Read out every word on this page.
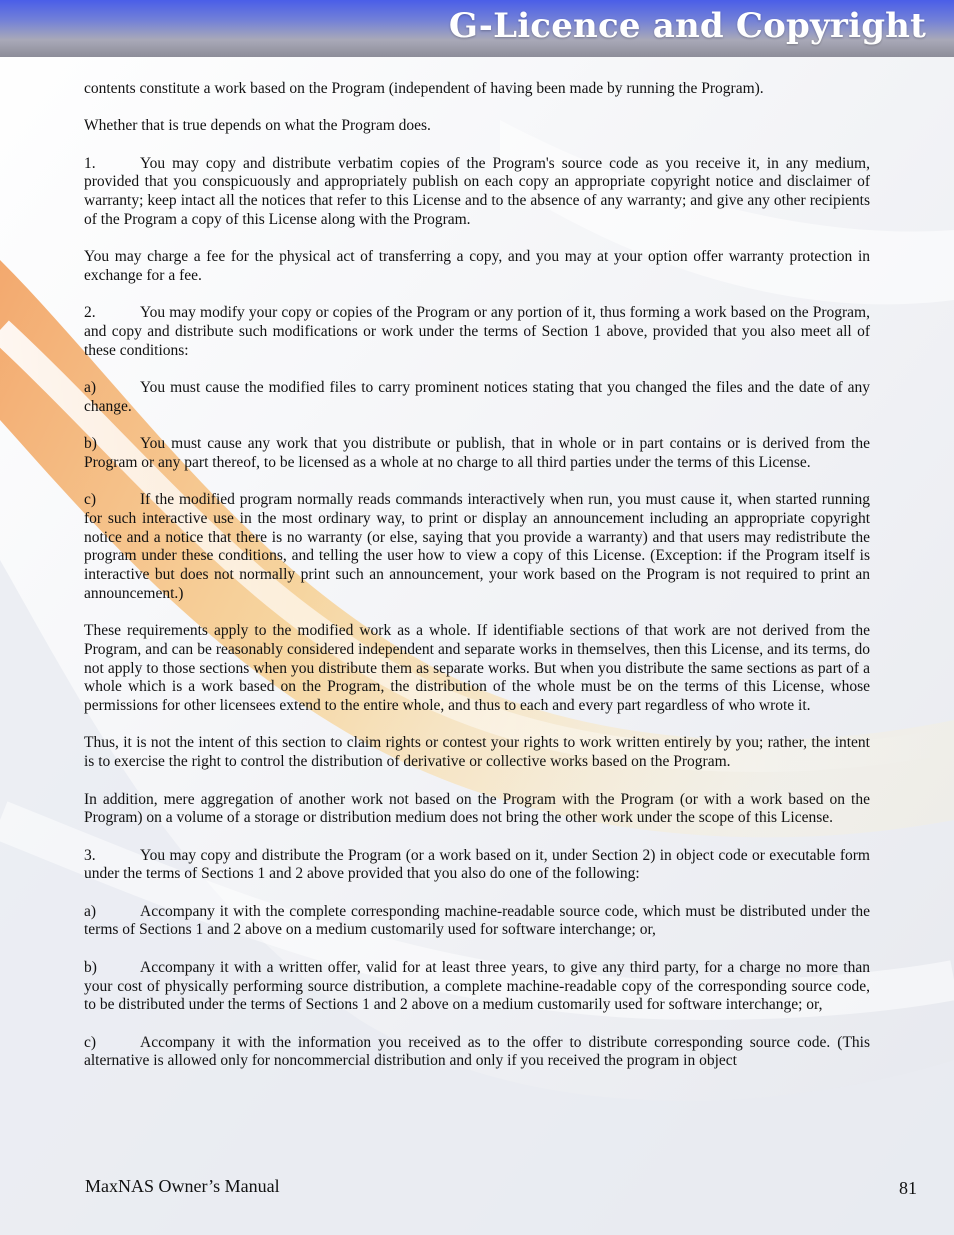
G-Licence and Copyright

contents constitute a work based on the Program (independent of having been made by running the Program).

Whether that is true depends on what the Program does.

1.	You may copy and distribute verbatim copies of the Program's source code as you receive it, in any medium, provided that you conspicuously and appropriately publish on each copy an appropriate copyright notice and disclaimer of warranty; keep intact all the notices that refer to this License and to the absence of any warranty; and give any other recipients of the Program a copy of this License along with the Program.

You may charge a fee for the physical act of transferring a copy, and you may at your option offer warranty protection in exchange for a fee.

2.	You may modify your copy or copies of the Program or any portion of it, thus forming a work based on the Program, and copy and distribute such modifications or work under the terms of Section 1 above, provided that you also meet all of these conditions:

a)	You must cause the modified files to carry prominent notices stating that you changed the files and the date of any change.

b)	You must cause any work that you distribute or publish, that in whole or in part contains or is derived from the Program or any part thereof, to be licensed as a whole at no charge to all third parties under the terms of this License.

c)	If the modified program normally reads commands interactively when run, you must cause it, when started running for such interactive use in the most ordinary way, to print or display an announcement including an appropriate copyright notice and a notice that there is no warranty (or else, saying that you provide a warranty) and that users may redistribute the program under these conditions, and telling the user how to view a copy of this License. (Exception: if the Program itself is interactive but does not normally print such an announcement, your work based on the Program is not required to print an announcement.)

These requirements apply to the modified work as a whole. If identifiable sections of that work are not derived from the Program, and can be reasonably considered independent and separate works in themselves, then this License, and its terms, do not apply to those sections when you distribute them as separate works. But when you distribute the same sections as part of a whole which is a work based on the Program, the distribution of the whole must be on the terms of this License, whose permissions for other licensees extend to the entire whole, and thus to each and every part regardless of who wrote it.

Thus, it is not the intent of this section to claim rights or contest your rights to work written entirely by you; rather, the intent is to exercise the right to control the distribution of derivative or collective works based on the Program.

In addition, mere aggregation of another work not based on the Program with the Program (or with a work based on the Program) on a volume of a storage or distribution medium does not bring the other work under the scope of this License.

3.	You may copy and distribute the Program (or a work based on it, under Section 2) in object code or executable form under the terms of Sections 1 and 2 above provided that you also do one of the following:

a)	Accompany it with the complete corresponding machine-readable source code, which must be distributed under the terms of Sections 1 and 2 above on a medium customarily used for software interchange; or,

b)	Accompany it with a written offer, valid for at least three years, to give any third party, for a charge no more than your cost of physically performing source distribution, a complete machine-readable copy of the corresponding source code, to be distributed under the terms of Sections 1 and 2 above on a medium customarily used for software interchange; or,

c)	Accompany it with the information you received as to the offer to distribute corresponding source code. (This alternative is allowed only for noncommercial distribution and only if you received the program in object

MaxNAS Owner’s Manual	81
